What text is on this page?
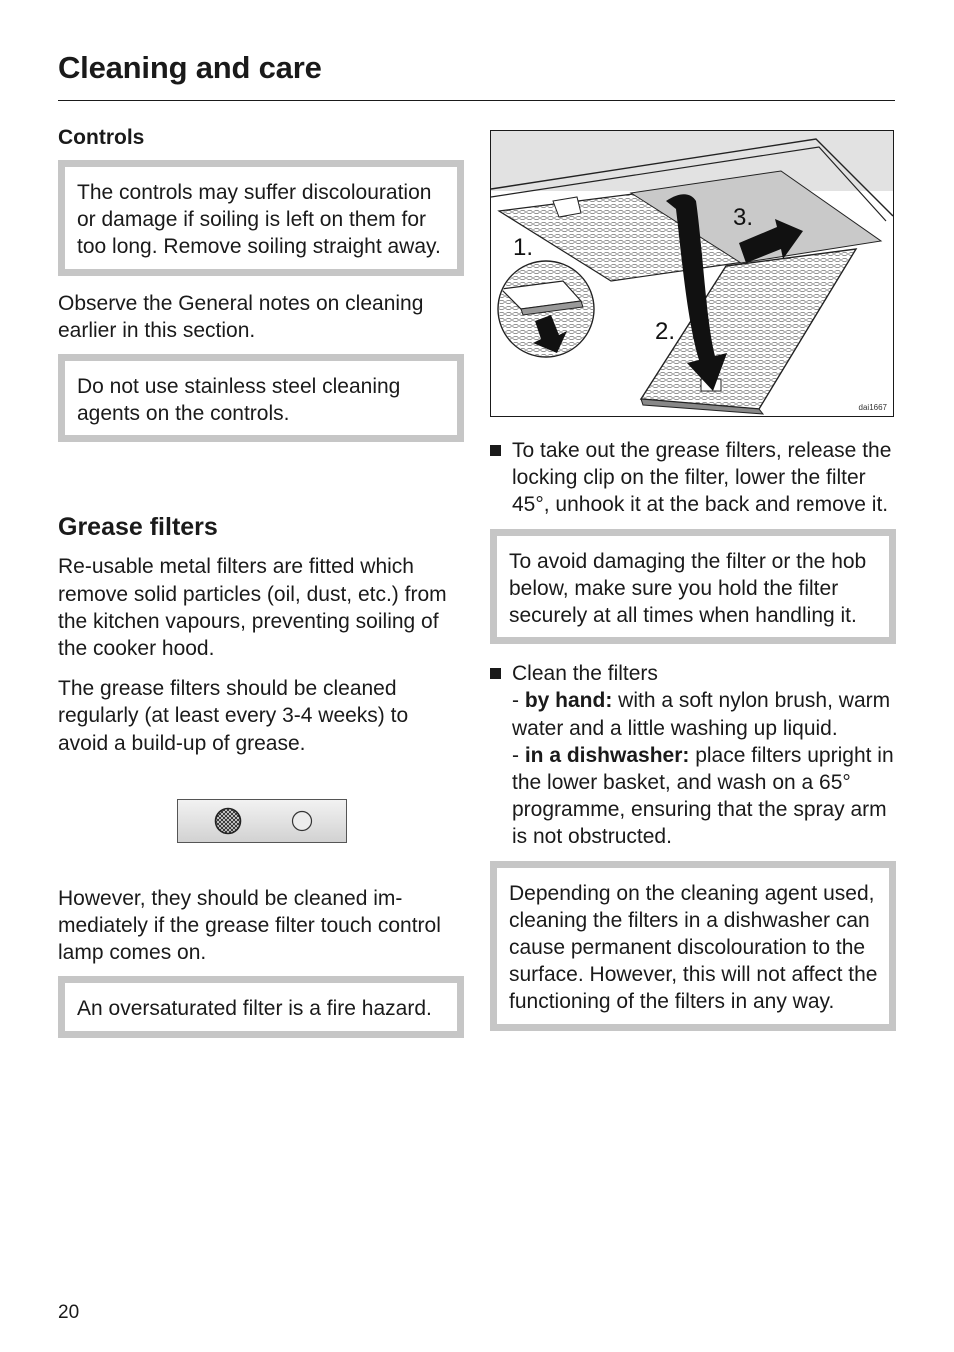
Cleaning and care
Controls

The controls may suffer discolouration or damage if soiling is left on them for too long. Remove soiling straight away.

Observe the General notes on cleaning earlier in this section.

Do not use stainless steel cleaning agents on the controls.

Grease filters

Re-usable metal filters are fitted which remove solid particles (oil, dust, etc.) from the kitchen vapours, preventing soiling of the cooker hood.

The grease filters should be cleaned regularly (at least every 3-4 weeks) to avoid a build-up of grease.

However, they should be cleaned im-mediately if the grease filter touch control lamp comes on.

An oversaturated filter is a fire hazard.

1.
2.
3.
dai1667

To take out the grease filters, release the locking clip on the filter, lower the filter 45°, unhook it at the back and remove it.

To avoid damaging the filter or the hob below, make sure you hold the filter securely at all times when handling it.

Clean the filters

- by hand: with a soft nylon brush, warm water and a little washing up liquid.

- in a dishwasher: place filters upright in the lower basket, and wash on a 65° programme, ensuring that the spray arm is not obstructed.

Depending on the cleaning agent used, cleaning the filters in a dishwasher can cause permanent discolouration to the surface. However, this will not affect the functioning of the filters in any way.

20
